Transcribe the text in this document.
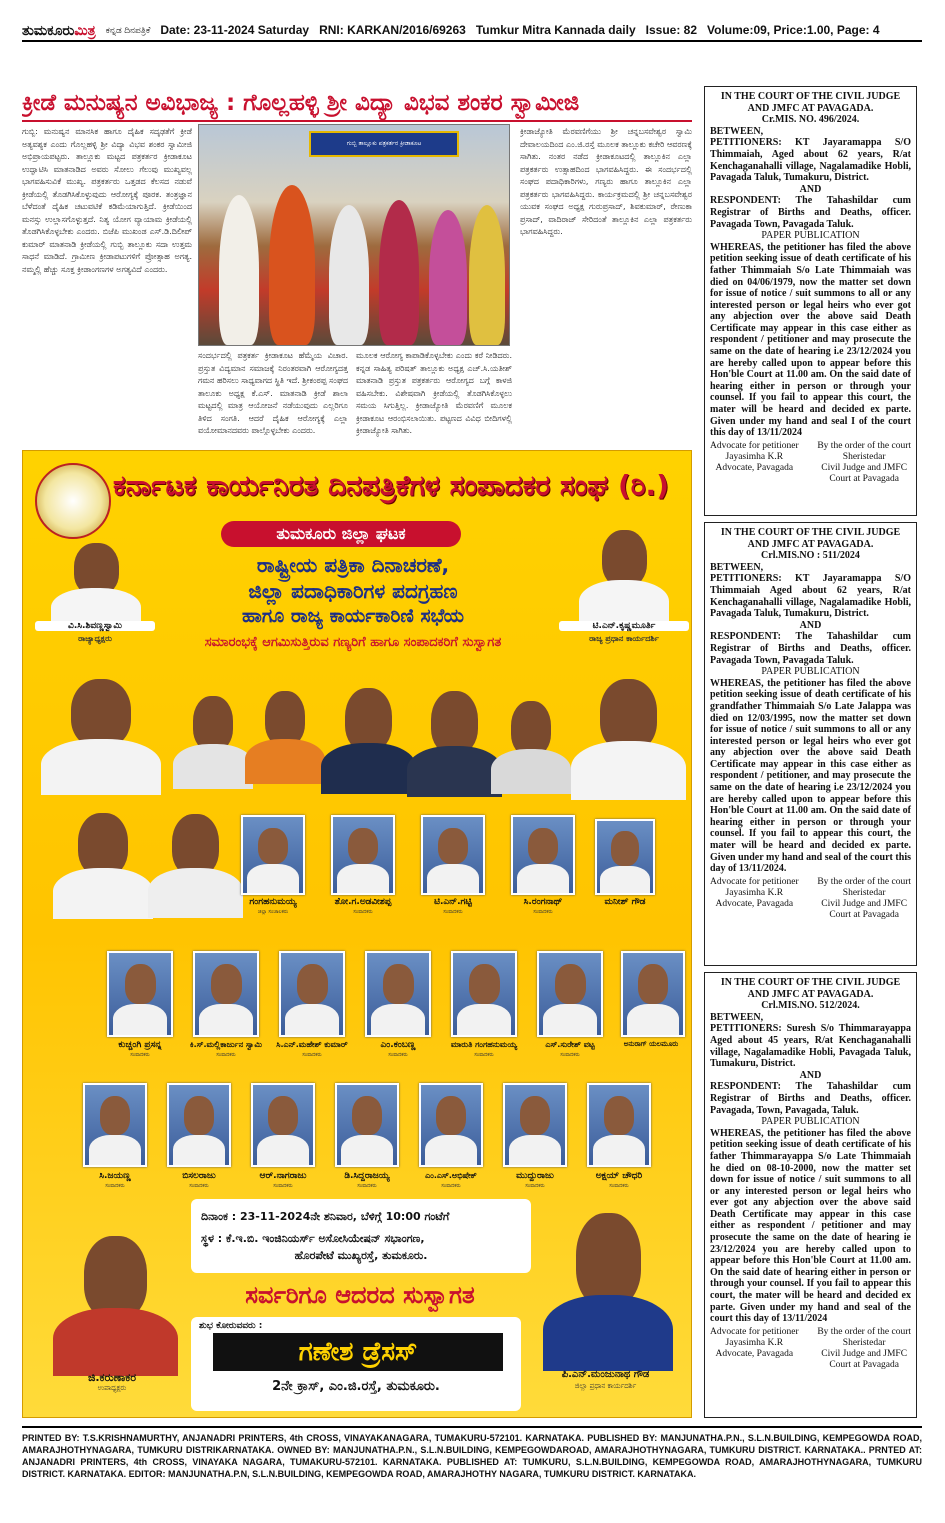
ತುಮಕೂರುಮಿತ್ರ ಕನ್ನಡ ದಿನಪತ್ರಿಕೆ Date: 23-11-2024 Saturday RNI: KARKAN/2016/69263 Tumkur Mitra Kannada daily Issue: 82 Volume:09, Price:1.00, Page: 4
ಕ್ರೀಡೆ ಮನುಷ್ಯನ ಅವಿಭಾಜ್ಯ : ಗೊಲ್ಲಹಳ್ಳಿ ಶ್ರೀ ವಿದ್ಯಾ ವಿಭವ ಶಂಕರ ಸ್ವಾಮೀಜಿ
ಗುಬ್ಬಿ: ಮನುಷ್ಯನ ಮಾನಸಿಕ ಹಾಗೂ ದೈಹಿಕ ಸದೃಢತೆಗೆ ಕ್ರೀಡೆ ಅತ್ಯವಶ್ಯಕ ಎಂದು ಗೊಲ್ಲಹಳ್ಳಿ ಶ್ರೀ ವಿದ್ಯಾ ವಿಭವ ಶಂಕರ ಸ್ವಾಮೀಜಿ ಅಭಿಪ್ರಾಯಪಟ್ಟರು. ತಾಲ್ಲೂಕು ಮಟ್ಟದ ಪತ್ರಕರ್ತರ ಕ್ರೀಡಾಕೂಟ ಉದ್ಘಾಟಿಸಿ ಮಾತನಾಡಿದ ಅವರು ಸೋಲು ಗೆಲುವು ಮುಖ್ಯವಲ್ಲ ಭಾಗವಹಿಸುವಿಕೆ ಮುಖ್ಯ. ಪತ್ರಕರ್ತರು ಒತ್ತಡದ ಕೆಲಸದ ನಡುವೆ ಕ್ರೀಡೆಯಲ್ಲಿ ತೊಡಗಿಸಿಕೊಳ್ಳುವುದು ಆರೋಗ್ಯಕ್ಕೆ ಪೂರಕ. ತಂತ್ರಜ್ಞಾನ ಬೆಳೆದಂತೆ ದೈಹಿಕ ಚಟುವಟಿಕೆ ಕಡಿಮೆಯಾಗುತ್ತಿದೆ. ಕ್ರೀಡೆಯಿಂದ ಮನಸ್ಸು ಉಲ್ಲಾಸಗೊಳ್ಳುತ್ತದೆ. ನಿತ್ಯ ಯೋಗ ವ್ಯಾಯಾಮ ಕ್ರೀಡೆಯಲ್ಲಿ ತೊಡಗಿಸಿಕೊಳ್ಳಬೇಕು ಎಂದರು. ಬಿಜೆಪಿ ಮುಖಂಡ ಎಸ್.ಡಿ.ದಿಲೀಪ್ ಕುಮಾರ್ ಮಾತನಾಡಿ ಕ್ರೀಡೆಯಲ್ಲಿ ಗುಬ್ಬಿ ತಾಲ್ಲೂಕು ಸದಾ ಉತ್ತಮ ಸಾಧನೆ ಮಾಡಿದೆ. ಗ್ರಾಮೀಣ ಕ್ರೀಡಾಪಟುಗಳಿಗೆ ಪ್ರೋತ್ಸಾಹ ಅಗತ್ಯ. ನಮ್ಮಲ್ಲಿ ಹೆಚ್ಚು ಸೂಕ್ತ ಕ್ರೀಡಾಂಗಣಗಳ ಅಗತ್ಯವಿದೆ ಎಂದರು.
ಗುಬ್ಬಿ ತಾಲ್ಲೂಕು ಪತ್ರಕರ್ತರ ಕ್ರೀಡಾಕೂಟ
ಸಂದರ್ಭದಲ್ಲಿ ಪತ್ರಕರ್ತ ಕ್ರೀಡಾಕೂಟ ಹೆಮ್ಮೆಯ ವಿಚಾರ. ಪ್ರಸ್ತುತ ವಿದ್ಯಮಾನ ಸಮಾಜಕ್ಕೆ ನಿರಂತರವಾಗಿ ಆರೋಗ್ಯದತ್ತ ಗಮನ ಹರಿಸಲು ಸಾಧ್ಯವಾಗದ ಸ್ಥಿತಿ ಇದೆ. ಶ್ರೀಕಂಠಪ್ಪ ಸಂಘದ ತಾಲೂಕು ಅಧ್ಯಕ್ಷ ಕೆ.ಎಸ್. ಮಾತನಾಡಿ ಕ್ರೀಡೆ ಶಾಲಾ ಮಟ್ಟದಲ್ಲಿ ಮಾತ್ರ ಆಯೋಜನೆ ನಡೆಯುವುದು ಎಲ್ಲರಿಗೂ ತಿಳಿದ ಸಂಗತಿ. ಆದರೆ ದೈಹಿಕ ಆರೋಗ್ಯಕ್ಕೆ ಎಲ್ಲಾ ವಯೋಮಾನದವರು ಪಾಲ್ಗೊಳ್ಳಬೇಕು ಎಂದರು.
ಮೂಲಕ ಆರೋಗ್ಯ ಕಾಪಾಡಿಕೊಳ್ಳಬೇಕು ಎಂದು ಕರೆ ನೀಡಿದರು. ಕನ್ನಡ ಸಾಹಿತ್ಯ ಪರಿಷತ್ ತಾಲ್ಲೂಕು ಅಧ್ಯಕ್ಷ ಎಚ್.ಸಿ.ಯತೀಶ್ ಮಾತನಾಡಿ ಪ್ರಸ್ತುತ ಪತ್ರಕರ್ತರು ಆರೋಗ್ಯದ ಬಗ್ಗೆ ಕಾಳಜಿ ವಹಿಸಬೇಕು. ವಿಶೇಷವಾಗಿ ಕ್ರೀಡೆಯಲ್ಲಿ ತೊಡಗಿಸಿಕೊಳ್ಳಲು ಸಮಯ ಸಿಗುತ್ತಿಲ್ಲ. ಕ್ರೀಡಾಜ್ಯೋತಿ ಮೆರವಣಿಗೆ ಮೂಲಕ ಕ್ರೀಡಾಕೂಟ ಆರಂಭಿಸಲಾಯಿತು. ಪಟ್ಟಣದ ವಿವಿಧ ಬೀದಿಗಳಲ್ಲಿ ಕ್ರೀಡಾಜ್ಯೋತಿ ಸಾಗಿತು.
ಕ್ರೀಡಾಜ್ಯೋತಿ ಮೆರವಣಿಗೆಯು ಶ್ರೀ ಚನ್ನಬಸವೇಶ್ವರ ಸ್ವಾಮಿ ದೇವಾಲಯದಿಂದ ಎಂ.ಜಿ.ರಸ್ತೆ ಮೂಲಕ ತಾಲ್ಲೂಕು ಕಚೇರಿ ಆವರಣಕ್ಕೆ ಸಾಗಿತು. ನಂತರ ನಡೆದ ಕ್ರೀಡಾಕೂಟದಲ್ಲಿ ತಾಲ್ಲೂಕಿನ ಎಲ್ಲಾ ಪತ್ರಕರ್ತರು ಉತ್ಸಾಹದಿಂದ ಭಾಗವಹಿಸಿದ್ದರು. ಈ ಸಂದರ್ಭದಲ್ಲಿ ಸಂಘದ ಪದಾಧಿಕಾರಿಗಳು, ಗಣ್ಯರು ಹಾಗೂ ತಾಲ್ಲೂಕಿನ ಎಲ್ಲಾ ಪತ್ರಕರ್ತರು ಭಾಗವಹಿಸಿದ್ದರು. ಕಾರ್ಯಕ್ರಮದಲ್ಲಿ ಶ್ರೀ ಚನ್ನಬಸವೇಶ್ವರ ಯುವಕ ಸಂಘದ ಅಧ್ಯಕ್ಷ ಗುರುಪ್ರಸಾದ್, ಶಿವಕುಮಾರ್, ರೇಣುಕಾ ಪ್ರಸಾದ್, ವಾದಿರಾಜ್ ಸೇರಿದಂತೆ ತಾಲ್ಲೂಕಿನ ಎಲ್ಲಾ ಪತ್ರಕರ್ತರು ಭಾಗವಹಿಸಿದ್ದರು.
ಕರ್ನಾಟಕ ಕಾರ್ಯನಿರತ ದಿನಪತ್ರಿಕೆಗಳ ಸಂಪಾದಕರ ಸಂಘ (ರಿ.)
ತುಮಕೂರು ಜಿಲ್ಲಾ ಘಟಕ
ರಾಷ್ಟ್ರೀಯ ಪತ್ರಿಕಾ ದಿನಾಚರಣೆ,
ಜಿಲ್ಲಾ ಪದಾಧಿಕಾರಿಗಳ ಪದಗ್ರಹಣ
ಹಾಗೂ ರಾಜ್ಯ ಕಾರ್ಯಕಾರಿಣಿ ಸಭೆಯ
ಸಮಾರಂಭಕ್ಕೆ ಆಗಮಿಸುತ್ತಿರುವ ಗಣ್ಯರಿಗೆ ಹಾಗೂ ಸಂಪಾದಕರಿಗೆ ಸುಸ್ವಾಗತ
ವಿ.ಸಿ.ಶಿವಣ್ಣಸ್ವಾಮಿ
ರಾಜ್ಯಾಧ್ಯಕ್ಷರು
ಟಿ.ಎನ್.ಕೃಷ್ಣಮೂರ್ತಿ
ರಾಜ್ಯ ಪ್ರಧಾನ ಕಾರ್ಯದರ್ಶಿ
ಗಂಗಹನುಮಯ್ಯ
ಜಿಲ್ಲಾ ಸಂಚಾಲಕರು
ತೋ.ಗ.ಅಡವೀಶಪ್ಪ
ಸಂಪಾದಕರು
ಟಿ.ಎನ್.ಗಟ್ಟಿ
ಸಂಪಾದಕರು
ಸಿ.ರಂಗನಾಥ್
ಸಂಪಾದಕರು
ಮನೀಶ್ ಗೌಡ
ಕುಚ್ಚಂಗಿ ಪ್ರಸನ್ನ
ಸಂಪಾದಕರು
ಕಿ.ಸ್.ಮಲ್ಲಿಕಾರ್ಜುನ ಸ್ವಾಮಿ
ಸಂಪಾದಕರು
ಸಿ.ಎನ್.ಮಹೇಶ್ ಕುಮಾರ್
ಸಂಪಾದಕರು
ಎಂ.ಕಂಬಣ್ಣ
ಸಂಪಾದಕರು
ಮಾರುತಿ ಗಂಗಹನುಮಯ್ಯ
ಸಂಪಾದಕರು
ಎಸ್.ಸುರೇಶ್ ವಟ್ಟ
ಸಂಪಾದಕರು
ಅನುರಾಗ್ ಯಲಮೂರು
ಸಿ.ಜಯಣ್ಣ
ಸಂಪಾದಕರು
ಬಿಸಲರಾಜು
ಸಂಪಾದಕರು
ಆರ್.ನಾಗರಾಜು
ಸಂಪಾದಕರು
ಡಿ.ಸಿದ್ದರಾಜಯ್ಯ
ಸಂಪಾದಕರು
ಎಂ.ಎಸ್.ಅಭಿಷೇಕ್
ಸಂಪಾದಕರು
ಮುದ್ದುರಾಜು
ಸಂಪಾದಕರು
ಅಕ್ಷಯ್ ಚೌಧರಿ
ಸಂಪಾದಕರು
ದಿನಾಂಕ : 23-11-2024ನೇ ಶನಿವಾರ, ಬೆಳಿಗ್ಗೆ 10:00 ಗಂಟೆಗೆ
ಸ್ಥಳ : ಕೆ.ಇ.ಬಿ. ಇಂಜಿನಿಯರ್ಸ್ ಅಸೋಸಿಯೇಷನ್ ಸಭಾಂಗಣ,
ಹೊರಪೇಟೆ ಮುಖ್ಯರಸ್ತೆ, ತುಮಕೂರು.
ಸರ್ವರಿಗೂ ಆದರದ ಸುಸ್ವಾಗತ
ಶುಭ ಕೋರುವವರು :
ಗಣೇಶ ಡ್ರೆಸಸ್
2ನೇ ಕ್ರಾಸ್, ಎಂ.ಜಿ.ರಸ್ತೆ, ತುಮಕೂರು.
ಜಿ.ಕರುಣಾಕರ
ಉಪಾಧ್ಯಕ್ಷರು
ಪಿ.ಎನ್.ಮಂಜುನಾಥ ಗೌಡ
ಜಿಲ್ಲಾ ಪ್ರಧಾನ ಕಾರ್ಯದರ್ಶಿ
IN THE COURT OF THE CIVIL JUDGE AND JMFC AT PAVAGADA.
Cr.MIS. NO. 496/2024.
BETWEEN,

PETITIONERS: KT Jayaramappa S/O Thimmaiah, Aged about 62 years, R/at Kenchaganahalli village, Nagalamadike Hobli, Pavagada Taluk, Tumakuru, District.

AND

RESPONDENT: The Tahashildar cum Registrar of Births and Deaths, officer. Pavagada Town, Pavagada Taluk.

PAPER PUBLICATION

WHEREAS, the petitioner has filed the above petition seeking issue of death certificate of his father Thimmaiah S/o Late Thimmaiah was died on 04/06/1979, now the matter set down for issue of notice / suit summons to all or any interested person or legal heirs who ever got any abjection over the above said Death Certificate may appear in this case either as respondent / petitioner and may prosecute the same on the date of hearing i.e 23/12/2024 you are hereby called upon to appear before this Hon'ble Court at 11.00 am. On the said date of hearing either in person or through your counsel. If you fail to appear this court, the mater will be heard and decided ex parte. Given under my hand and seal I of the court this day of 13/11/2024

Advocate for petitioner
Jayasimha K.R
Advocate, Pavagada
By the order of the court
Sheristedar
Civil Judge and JMFC
Court at Pavagada
IN THE COURT OF THE CIVIL JUDGE AND JMFC AT PAVAGADA.
Crl.MIS.NO : 511/2024
BETWEEN,

PETITIONERS: KT Jayaramappa S/O Thimmaiah Aged about 62 years, R/at Kenchaganahalli village, Nagalamadike Hobli, Pavagada Taluk, Tumakuru, District.

AND

RESPONDENT: The Tahashildar cum Registrar of Births and Deaths, officer. Pavagada Town, Pavagada Taluk.

PAPER PUBLICATION

WHEREAS, the petitioner has filed the above petition seeking issue of death certificate of his grandfather Thimmaiah S/o Late Jalappa was died on 12/03/1995, now the matter set down for issue of notice / suit summons to all or any interested person or legal heirs who ever got any abjection over the above said Death Certificate may appear in this case either as respondent / petitioner, and may prosecute the same on the date of hearing i.e 23/12/2024 you are hereby called upon to appear before this Hon'ble Court at 11.00 am. On the said date of hearing either in person or through your counsel. If you fail to appear this court, the mater will be heard and decided ex parte. Given under my hand and seal of the court this day of 13/11/2024.

Advocate for petitioner
Jayasimha K.R
Advocate, Pavagada
By the order of the court
Sheristedar
Civil Judge and JMFC
Court at Pavagada
IN THE COURT OF THE CIVIL JUDGE AND JMFC AT PAVAGADA.
Crl.MIS.NO. 512/2024.
BETWEEN,

PETITIONERS: Suresh S/o Thimmarayappa Aged about 45 years, R/at Kenchaganahalli village, Nagalamadike Hobli, Pavagada Taluk, Tumakuru, District.

AND

RESPONDENT: The Tahashildar cum Registrar of Births and Deaths, officer. Pavagada, Town, Pavagada, Taluk.

PAPER PUBLICATION

WHEREAS, the petitioner has filed the above petition seeking issue of death certificate of his father Thimmarayappa S/o Late Thimmaiah he died on 08-10-2000, now the matter set down for issue of notice / suit summons to all or any interested person or legal heirs who ever got any abjection over the above said Death Certificate may appear in this case either as respondent / petitioner and may prosecute the same on the date of hearing ie 23/12/2024 you are hereby called upon to appear before this Hon'ble Court at 11.00 am. On the said date of hearing either in person or through your counsel. If you fail to appear this court, the mater will be heard and decided ex parte. Given under my hand and seal of the court this day of 13/11/2024

Advocate for petitioner
Jayasimha K.R
Advocate, Pavagada
By the order of the court
Sheristedar
Civil Judge and JMFC
Court at Pavagada
PRINTED BY: T.S.KRISHNAMURTHY, ANJANADRI PRINTERS, 4th CROSS, VINAYAKANAGARA, TUMAKURU-572101. KARNATAKA. PUBLISHED BY: MANJUNATHA.P.N., S.L.N.BUILDING, KEMPEGOWDA ROAD, AMARAJHOTHYNAGARA, TUMKURU DISTRIKARNATAKA. OWNED BY: MANJUNATHA.P.N., S.L.N.BUILDING, KEMPEGOWDAROAD, AMARAJHOTHYNAGARA, TUMKURU DISTRICT. KARNATAKA.. PRNTED AT: ANJANADRI PRINTERS, 4th CROSS, VINAYAKA NAGARA, TUMAKURU-572101. KARNATAKA. PUBLISHED AT: TUMKURU, S.L.N.BUILDING, KEMPEGOWDA ROAD, AMARAJHOTHYNAGARA, TUMKURU DISTRICT. KARNATAKA. EDITOR: MANJUNATHA.P.N, S.L.N.BUILDING, KEMPEGOWDA ROAD, AMARAJHOTHY NAGARA, TUMKURU DISTRICT. KARNATAKA.
